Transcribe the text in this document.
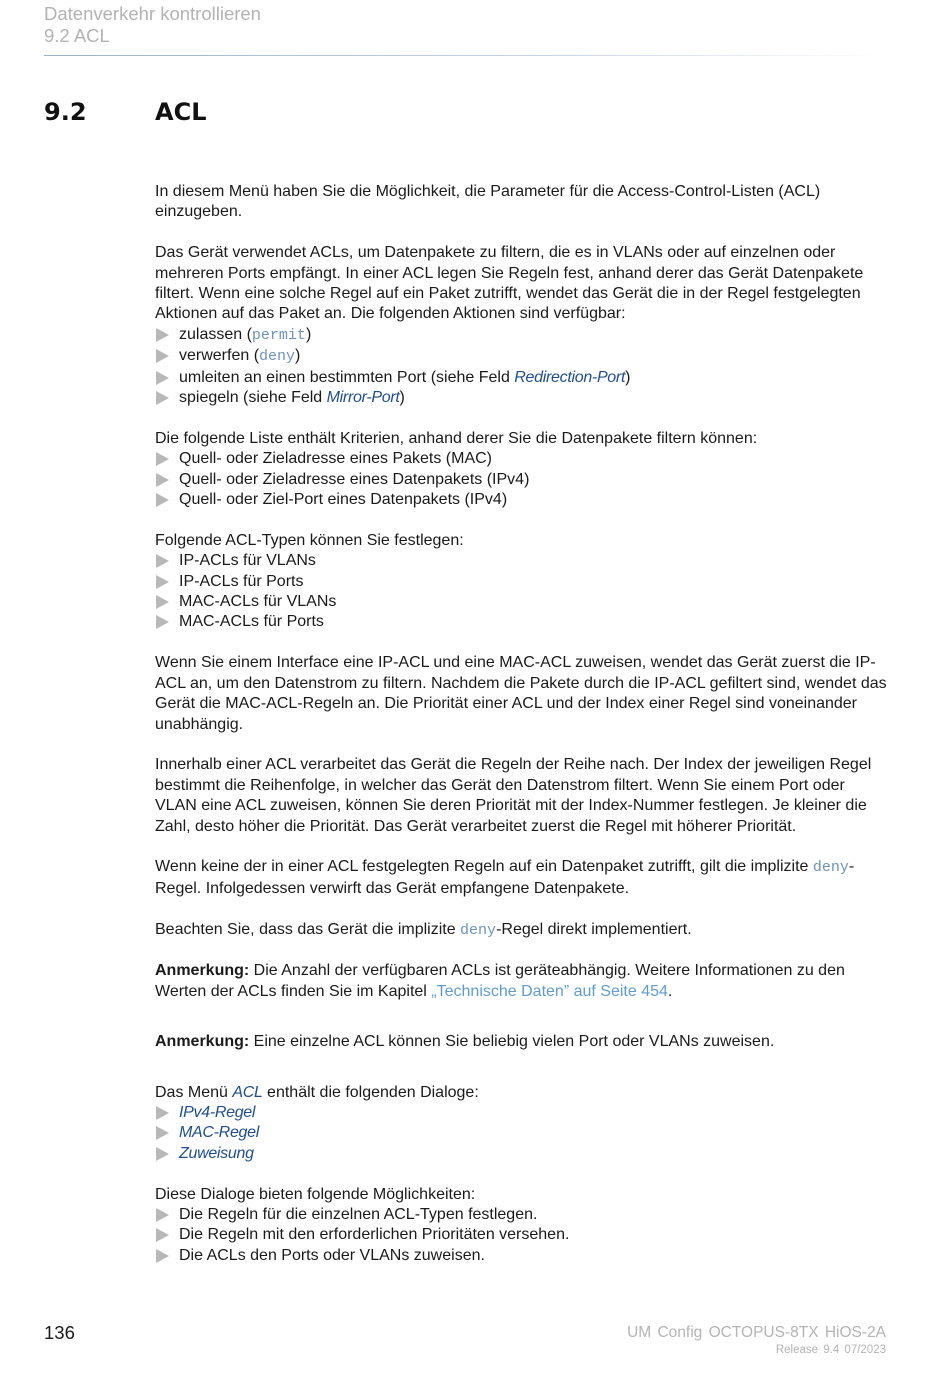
Datenverkehr kontrollieren
9.2 ACL
9.2	ACL

In diesem Menü haben Sie die Möglichkeit, die Parameter für die Access-Control-Listen (ACL) einzugeben.

Das Gerät verwendet ACLs, um Datenpakete zu filtern, die es in VLANs oder auf einzelnen oder mehreren Ports empfängt. In einer ACL legen Sie Regeln fest, anhand derer das Gerät Datenpakete filtert. Wenn eine solche Regel auf ein Paket zutrifft, wendet das Gerät die in der Regel festgelegten Aktionen auf das Paket an. Die folgenden Aktionen sind verfügbar:

zulassen (permit)
verwerfen (deny)
umleiten an einen bestimmten Port (siehe Feld Redirection-Port)
spiegeln (siehe Feld Mirror-Port)

Die folgende Liste enthält Kriterien, anhand derer Sie die Datenpakete filtern können:

Quell- oder Zieladresse eines Pakets (MAC)
Quell- oder Zieladresse eines Datenpakets (IPv4)
Quell- oder Ziel-Port eines Datenpakets (IPv4)

Folgende ACL-Typen können Sie festlegen:

IP-ACLs für VLANs
IP-ACLs für Ports
MAC-ACLs für VLANs
MAC-ACLs für Ports

Wenn Sie einem Interface eine IP-ACL und eine MAC-ACL zuweisen, wendet das Gerät zuerst die IP-ACL an, um den Datenstrom zu filtern. Nachdem die Pakete durch die IP-ACL gefiltert sind, wendet das Gerät die MAC-ACL-Regeln an. Die Priorität einer ACL und der Index einer Regel sind voneinander unabhängig.

Innerhalb einer ACL verarbeitet das Gerät die Regeln der Reihe nach. Der Index der jeweiligen Regel bestimmt die Reihenfolge, in welcher das Gerät den Datenstrom filtert. Wenn Sie einem Port oder VLAN eine ACL zuweisen, können Sie deren Priorität mit der Index-Nummer festlegen. Je kleiner die Zahl, desto höher die Priorität. Das Gerät verarbeitet zuerst die Regel mit höherer Priorität.

Wenn keine der in einer ACL festgelegten Regeln auf ein Datenpaket zutrifft, gilt die implizite deny-Regel. Infolgedessen verwirft das Gerät empfangene Datenpakete.

Beachten Sie, dass das Gerät die implizite deny-Regel direkt implementiert.

Anmerkung: Die Anzahl der verfügbaren ACLs ist geräteabhängig. Weitere Informationen zu den Werten der ACLs finden Sie im Kapitel „Technische Daten” auf Seite 454.

Anmerkung: Eine einzelne ACL können Sie beliebig vielen Port oder VLANs zuweisen.

Das Menü ACL enthält die folgenden Dialoge:

IPv4-Regel
MAC-Regel
Zuweisung

Diese Dialoge bieten folgende Möglichkeiten:

Die Regeln für die einzelnen ACL-Typen festlegen.
Die Regeln mit den erforderlichen Prioritäten versehen.
Die ACLs den Ports oder VLANs zuweisen.
136	UM Config OCTOPUS-8TX HiOS-2A
Release 9.4 07/2023
